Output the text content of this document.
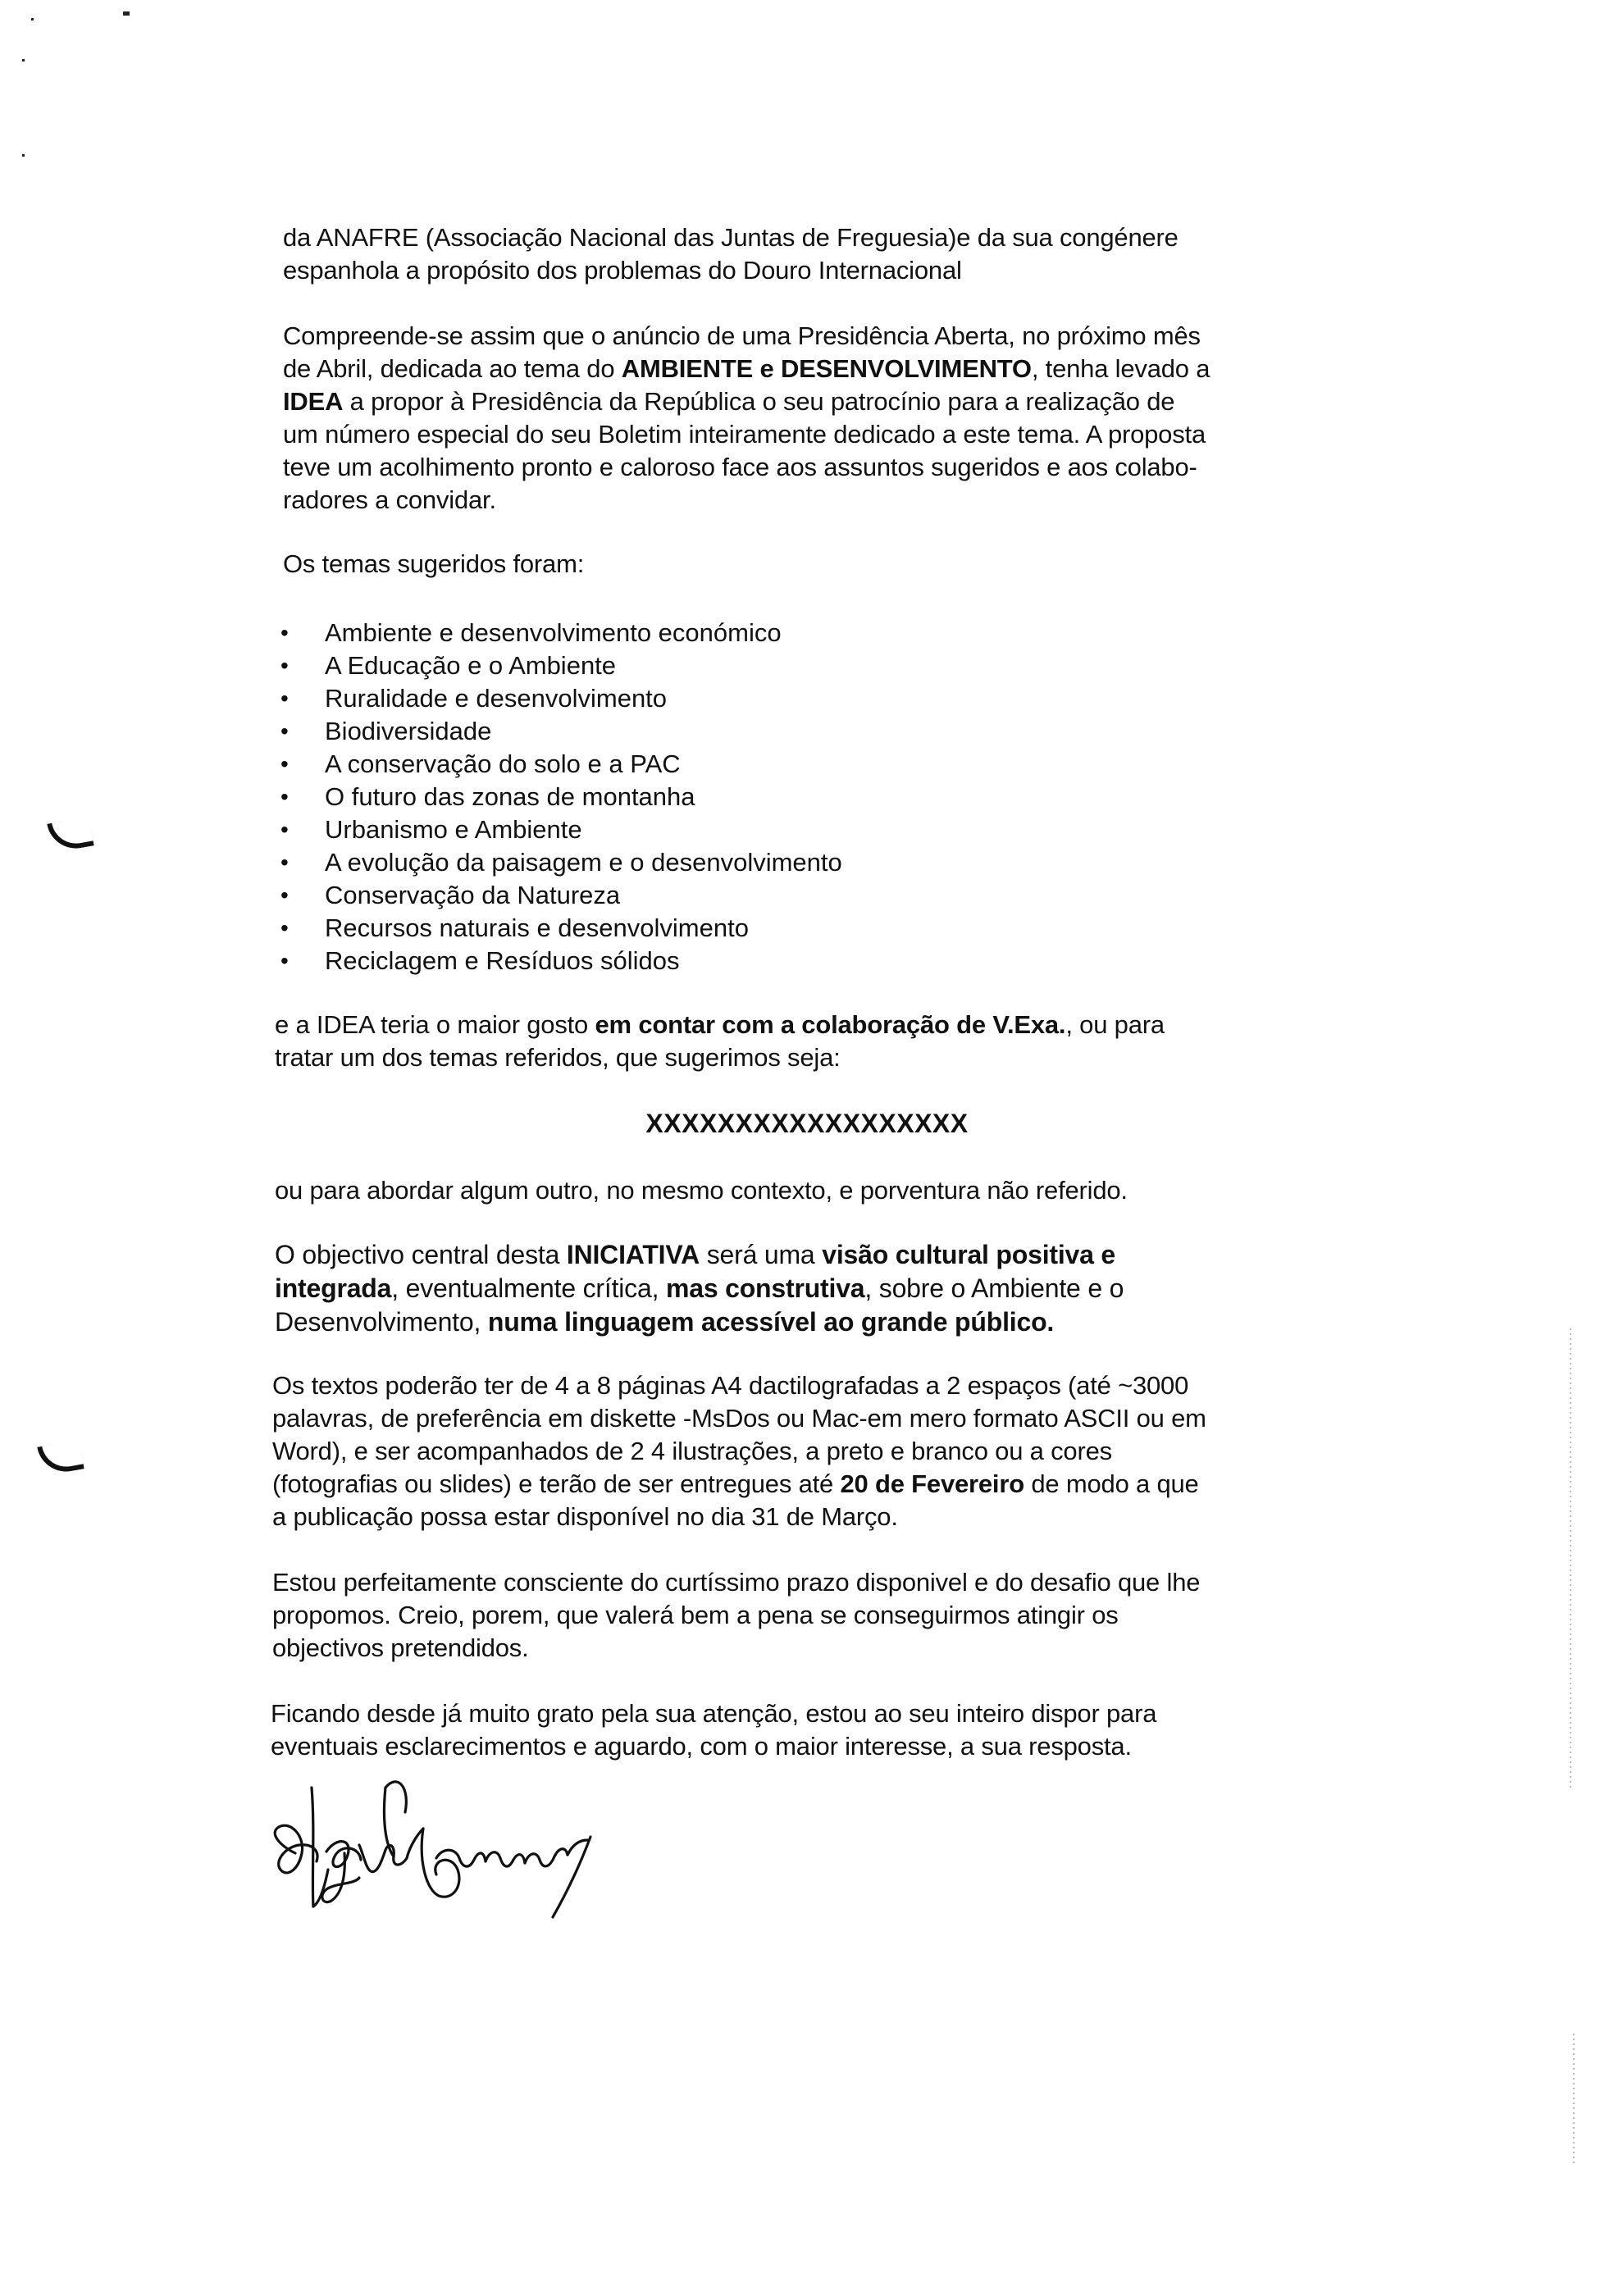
da ANAFRE (Associação Nacional das Juntas de Freguesia)e da sua congénere
espanhola a propósito dos problemas do Douro Internacional
Compreende-se assim que o anúncio de uma Presidência Aberta, no próximo mês
de Abril, dedicada ao tema do AMBIENTE e DESENVOLVIMENTO, tenha levado a
IDEA a propor à Presidência da República o seu patrocínio para a realização de
um número especial do seu Boletim inteiramente dedicado a este tema. A proposta
teve um acolhimento pronto e caloroso face aos assuntos sugeridos e aos colabo-
radores a convidar.
Os temas sugeridos foram:
• Ambiente e desenvolvimento económico
• A Educação e o Ambiente
• Ruralidade e desenvolvimento
• Biodiversidade
• A conservação do solo e a PAC
• O futuro das zonas de montanha
• Urbanismo e Ambiente
• A evolução da paisagem e o desenvolvimento
• Conservação da Natureza
• Recursos naturais e desenvolvimento
• Reciclagem e Resíduos sólidos
e a IDEA teria o maior gosto em contar com a colaboração de V.Exa., ou para
tratar um dos temas referidos, que sugerimos seja:
XXXXXXXXXXXXXXXXXX
ou para abordar algum outro, no mesmo contexto, e porventura não referido.
O objectivo central desta INICIATIVA será uma visão cultural positiva e
integrada, eventualmente crítica, mas construtiva, sobre o Ambiente e o
Desenvolvimento, numa linguagem acessível ao grande público.
Os textos poderão ter de 4 a 8 páginas A4 dactilografadas a 2 espaços (até ~3000
palavras, de preferência em diskette -MsDos ou Mac-em mero formato ASCII ou em
Word), e ser acompanhados de 2 4 ilustrações, a preto e branco ou a cores
(fotografias ou slides) e terão de ser entregues até 20 de Fevereiro de modo a que
a publicação possa estar disponível no dia 31 de Março.
Estou perfeitamente consciente do curtíssimo prazo disponivel e do desafio que lhe
propomos. Creio, porem, que valerá bem a pena se conseguirmos atingir os
objectivos pretendidos.
Ficando desde já muito grato pela sua atenção, estou ao seu inteiro dispor para
eventuais esclarecimentos e aguardo, com o maior interesse, a sua resposta.
